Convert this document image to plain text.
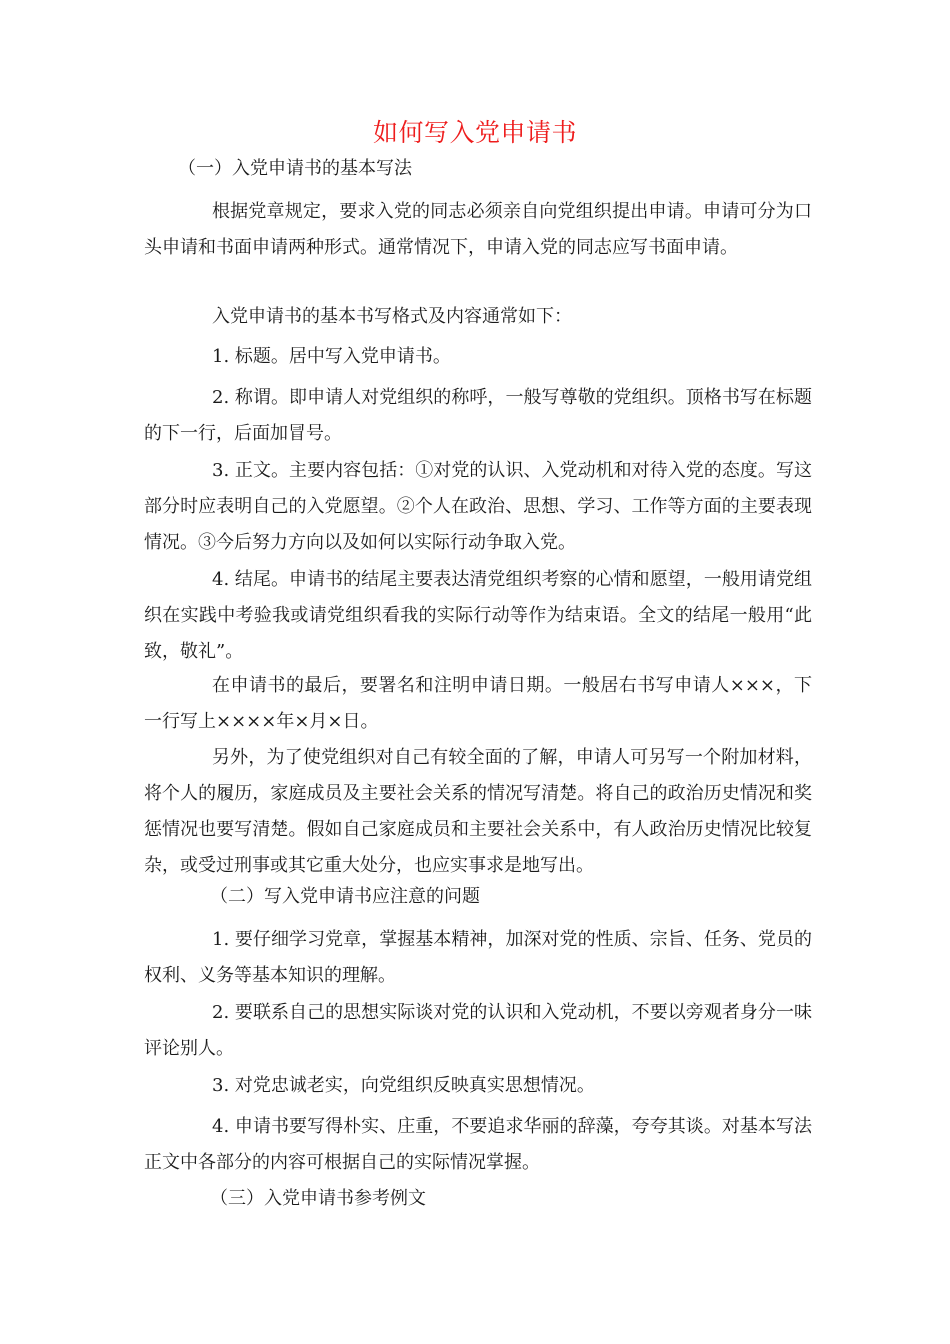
如何写入党申请书
（一）入党申请书的基本写法

根据党章规定，要求入党的同志必须亲自向党组织提出申请。申请可分为口头申请和书面申请两种形式。通常情况下，申请入党的同志应写书面申请。

入党申请书的基本书写格式及内容通常如下：

1. 标题。居中写入党申请书。

2. 称谓。即申请人对党组织的称呼，一般写尊敬的党组织。顶格书写在标题的下一行，后面加冒号。

3. 正文。主要内容包括：①对党的认识、入党动机和对待入党的态度。写这部分时应表明自己的入党愿望。②个人在政治、思想、学习、工作等方面的主要表现情况。③今后努力方向以及如何以实际行动争取入党。

4. 结尾。申请书的结尾主要表达清党组织考察的心情和愿望，一般用请党组织在实践中考验我或请党组织看我的实际行动等作为结束语。全文的结尾一般用“此致，敬礼”。

在申请书的最后，要署名和注明申请日期。一般居右书写申请人×××，下一行写上××××年×月×日。

另外，为了使党组织对自己有较全面的了解，申请人可另写一个附加材料，将个人的履历，家庭成员及主要社会关系的情况写清楚。将自己的政治历史情况和奖惩情况也要写清楚。假如自己家庭成员和主要社会关系中，有人政治历史情况比较复杂，或受过刑事或其它重大处分，也应实事求是地写出。

（二）写入党申请书应注意的问题

1. 要仔细学习党章，掌握基本精神，加深对党的性质、宗旨、任务、党员的权利、义务等基本知识的理解。

2. 要联系自己的思想实际谈对党的认识和入党动机，不要以旁观者身分一味评论别人。

3. 对党忠诚老实，向党组织反映真实思想情况。

4. 申请书要写得朴实、庄重，不要追求华丽的辞藻，夸夸其谈。对基本写法正文中各部分的内容可根据自己的实际情况掌握。

（三）入党申请书参考例文
